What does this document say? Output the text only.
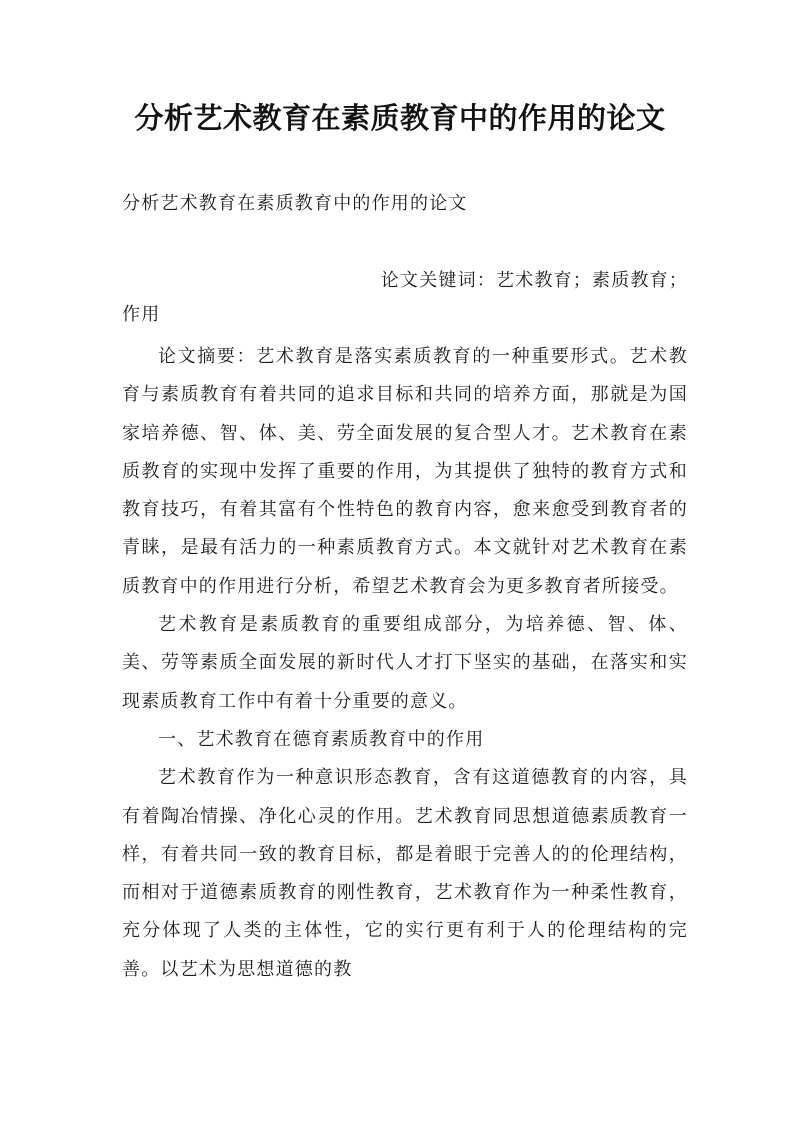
分析艺术教育在素质教育中的作用的论文
分析艺术教育在素质教育中的作用的论文
论文关键词：艺术教育；素质教育；
作用

论文摘要：艺术教育是落实素质教育的一种重要形式。艺术教育与素质教育有着共同的追求目标和共同的培养方面，那就是为国家培养德、智、体、美、劳全面发展的复合型人才。艺术教育在素质教育的实现中发挥了重要的作用，为其提供了独特的教育方式和教育技巧，有着其富有个性特色的教育内容，愈来愈受到教育者的青睐，是最有活力的一种素质教育方式。本文就针对艺术教育在素质教育中的作用进行分析，希望艺术教育会为更多教育者所接受。

艺术教育是素质教育的重要组成部分，为培养德、智、体、美、劳等素质全面发展的新时代人才打下坚实的基础，在落实和实现素质教育工作中有着十分重要的意义。

一、艺术教育在德育素质教育中的作用

艺术教育作为一种意识形态教育，含有这道德教育的内容，具有着陶冶情操、净化心灵的作用。艺术教育同思想道德素质教育一样，有着共同一致的教育目标，都是着眼于完善人的的伦理结构，而相对于道德素质教育的刚性教育，艺术教育作为一种柔性教育，充分体现了人类的主体性，它的实行更有利于人的伦理结构的完善。以艺术为思想道德的教
